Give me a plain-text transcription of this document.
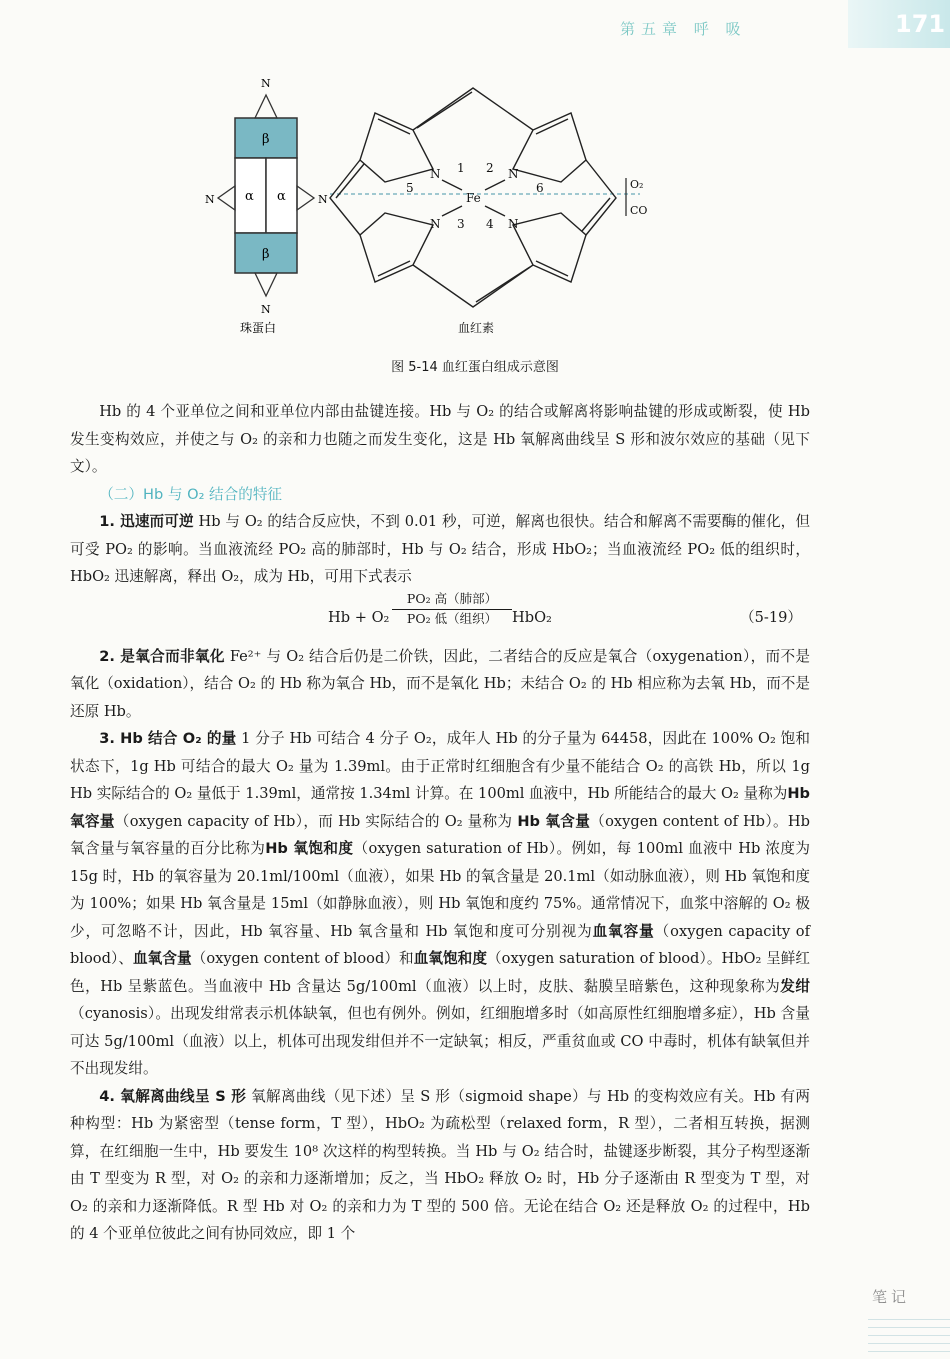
第五章 呼 吸	171
β
α α
β
N
N
N	N
珠蛋白
N	N
N	N
Fe
1 2
3 4
5	6	O₂
CO
血红素
图 5-14 血红蛋白组成示意图

Hb 的 4 个亚单位之间和亚单位内部由盐键连接。Hb 与 O₂ 的结合或解离将影响盐键的形成或断裂，使 Hb 发生变构效应，并使之与 O₂ 的亲和力也随之而发生变化，这是 Hb 氧解离曲线呈 S 形和波尔效应的基础（见下文）。

（二）Hb 与 O₂ 结合的特征

1. 迅速而可逆 Hb 与 O₂ 的结合反应快，不到 0.01 秒，可逆，解离也很快。结合和解离不需要酶的催化，但可受 PO₂ 的影响。当血液流经 PO₂ 高的肺部时，Hb 与 O₂ 结合，形成 HbO₂；当血液流经 PO₂ 低的组织时，HbO₂ 迅速解离，释出 O₂，成为 Hb，可用下式表示

Hb + O₂
PO₂ 高（肺部）
PO₂ 低（组织）	HbO₂	（5-19）

2. 是氧合而非氧化 Fe²⁺ 与 O₂ 结合后仍是二价铁，因此，二者结合的反应是氧合（oxygenation），而不是氧化（oxidation），结合 O₂ 的 Hb 称为氧合 Hb，而不是氧化 Hb；未结合 O₂ 的 Hb 相应称为去氧 Hb，而不是还原 Hb。

3. Hb 结合 O₂ 的量 1 分子 Hb 可结合 4 分子 O₂，成年人 Hb 的分子量为 64458，因此在 100% O₂ 饱和状态下，1g Hb 可结合的最大 O₂ 量为 1.39ml。由于正常时红细胞含有少量不能结合 O₂ 的高铁 Hb，所以 1g Hb 实际结合的 O₂ 量低于 1.39ml，通常按 1.34ml 计算。在 100ml 血液中，Hb 所能结合的最大 O₂ 量称为Hb 氧容量（oxygen capacity of Hb），而 Hb 实际结合的 O₂ 量称为 Hb 氧含量（oxygen content of Hb）。Hb 氧含量与氧容量的百分比称为Hb 氧饱和度（oxygen saturation of Hb）。例如，每 100ml 血液中 Hb 浓度为 15g 时，Hb 的氧容量为 20.1ml/100ml（血液），如果 Hb 的氧含量是 20.1ml（如动脉血液），则 Hb 氧饱和度为 100%；如果 Hb 氧含量是 15ml（如静脉血液），则 Hb 氧饱和度约 75%。通常情况下，血浆中溶解的 O₂ 极少，可忽略不计，因此，Hb 氧容量、Hb 氧含量和 Hb 氧饱和度可分别视为血氧容量（oxygen capacity of blood）、血氧含量（oxygen content of blood）和血氧饱和度（oxygen saturation of blood）。HbO₂ 呈鲜红色，Hb 呈紫蓝色。当血液中 Hb 含量达 5g/100ml（血液）以上时，皮肤、黏膜呈暗紫色，这种现象称为发绀（cyanosis）。出现发绀常表示机体缺氧，但也有例外。例如，红细胞增多时（如高原性红细胞增多症），Hb 含量可达 5g/100ml（血液）以上，机体可出现发绀但并不一定缺氧；相反，严重贫血或 CO 中毒时，机体有缺氧但并不出现发绀。

4. 氧解离曲线呈 S 形 氧解离曲线（见下述）呈 S 形（sigmoid shape）与 Hb 的变构效应有关。Hb 有两种构型：Hb 为紧密型（tense form，T 型），HbO₂ 为疏松型（relaxed form，R 型），二者相互转换，据测算，在红细胞一生中，Hb 要发生 10⁸ 次这样的构型转换。当 Hb 与 O₂ 结合时，盐键逐步断裂，其分子构型逐渐由 T 型变为 R 型，对 O₂ 的亲和力逐渐增加；反之，当 HbO₂ 释放 O₂ 时，Hb 分子逐渐由 R 型变为 T 型，对 O₂ 的亲和力逐渐降低。R 型 Hb 对 O₂ 的亲和力为 T 型的 500 倍。无论在结合 O₂ 还是释放 O₂ 的过程中，Hb 的 4 个亚单位彼此之间有协同效应，即 1 个

笔记
